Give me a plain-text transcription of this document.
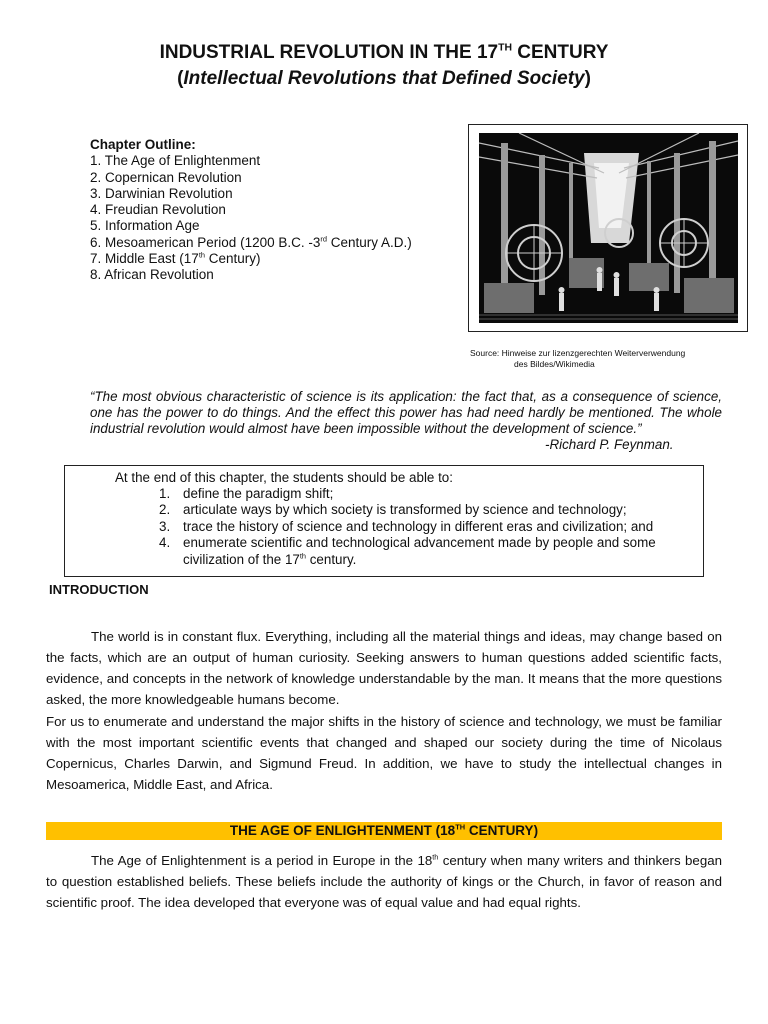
INDUSTRIAL REVOLUTION IN THE 17TH CENTURY
(Intellectual Revolutions that Defined Society)
Chapter Outline:
1. The Age of Enlightenment
2. Copernican Revolution
3. Darwinian Revolution
4. Freudian Revolution
5. Information Age
6. Mesoamerican Period (1200 B.C. -3rd Century A.D.)
7. Middle East (17th Century)
8. African Revolution
Source: Hinweise zur lizenzgerechten Weiterverwendung
des Bildes/Wikimedia
“The most obvious characteristic of science is its application: the fact that, as a consequence of science, one has the power to do things. And the effect this power has had need hardly be mentioned. The whole industrial revolution would almost have been impossible without the development of science.”
-Richard P. Feynman.
At the end of this chapter, the students should be able to:
1. define the paradigm shift;
2. articulate ways by which society is transformed by science and technology;
3. trace the history of science and technology in different eras and civilization; and
4. enumerate scientific and technological advancement made by people and some civilization of the 17th century.
INTRODUCTION
The world is in constant flux. Everything, including all the material things and ideas, may change based on the facts, which are an output of human curiosity. Seeking answers to human questions added scientific facts, evidence, and concepts in the network of knowledge understandable by the man. It means that the more questions asked, the more knowledgeable humans become.
For us to enumerate and understand the major shifts in the history of science and technology, we must be familiar with the most important scientific events that changed and shaped our society during the time of Nicolaus Copernicus, Charles Darwin, and Sigmund Freud. In addition, we have to study the intellectual changes in Mesoamerica, Middle East, and Africa.
THE AGE OF ENLIGHTENMENT (18TH CENTURY)
The Age of Enlightenment is a period in Europe in the 18th century when many writers and thinkers began to question established beliefs. These beliefs include the authority of kings or the Church, in favor of reason and scientific proof. The idea developed that everyone was of equal value and had equal rights.
